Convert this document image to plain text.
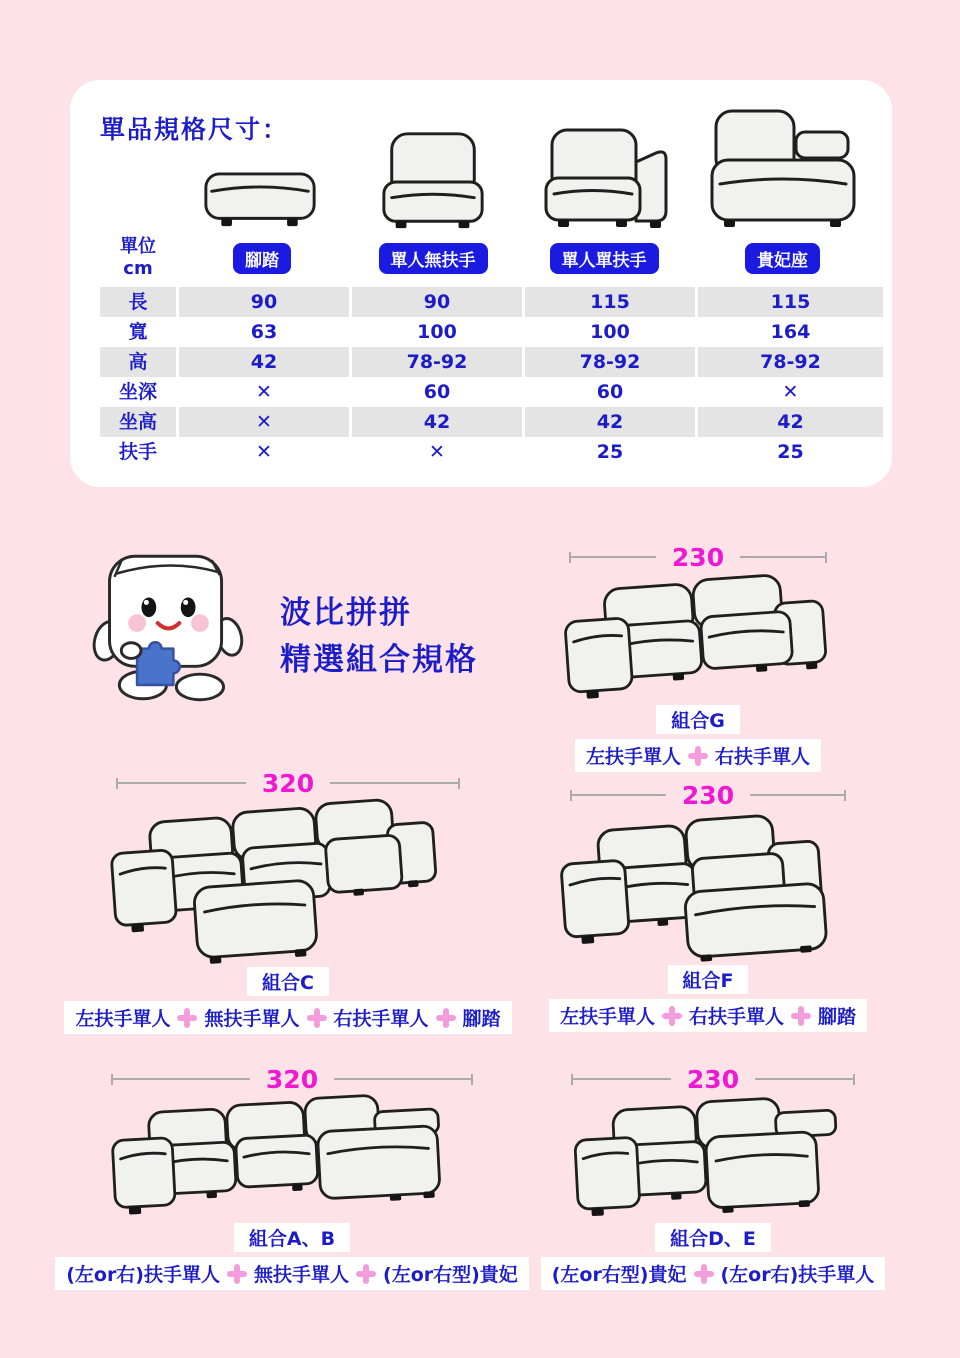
單品規格尺寸：
單位
cm	腳踏	單人無扶手	單人單扶手	貴妃座
長	90	90	115	115
寬	63	100	100	164
高	42	78-92	78-92	78-92
坐深	✕	60	60	✕
坐高	✕	42	42	42
扶手	✕	✕	25	25
波比拼拼
精選組合規格
230
組合G
左扶手單人 右扶手單人
320
組合C
左扶手單人 無扶手單人 右扶手單人 腳踏
230
組合F
左扶手單人 右扶手單人 腳踏
320
組合A、B
(左or右)扶手單人 無扶手單人 (左or右型)貴妃
230
組合D、E
(左or右型)貴妃 (左or右)扶手單人
